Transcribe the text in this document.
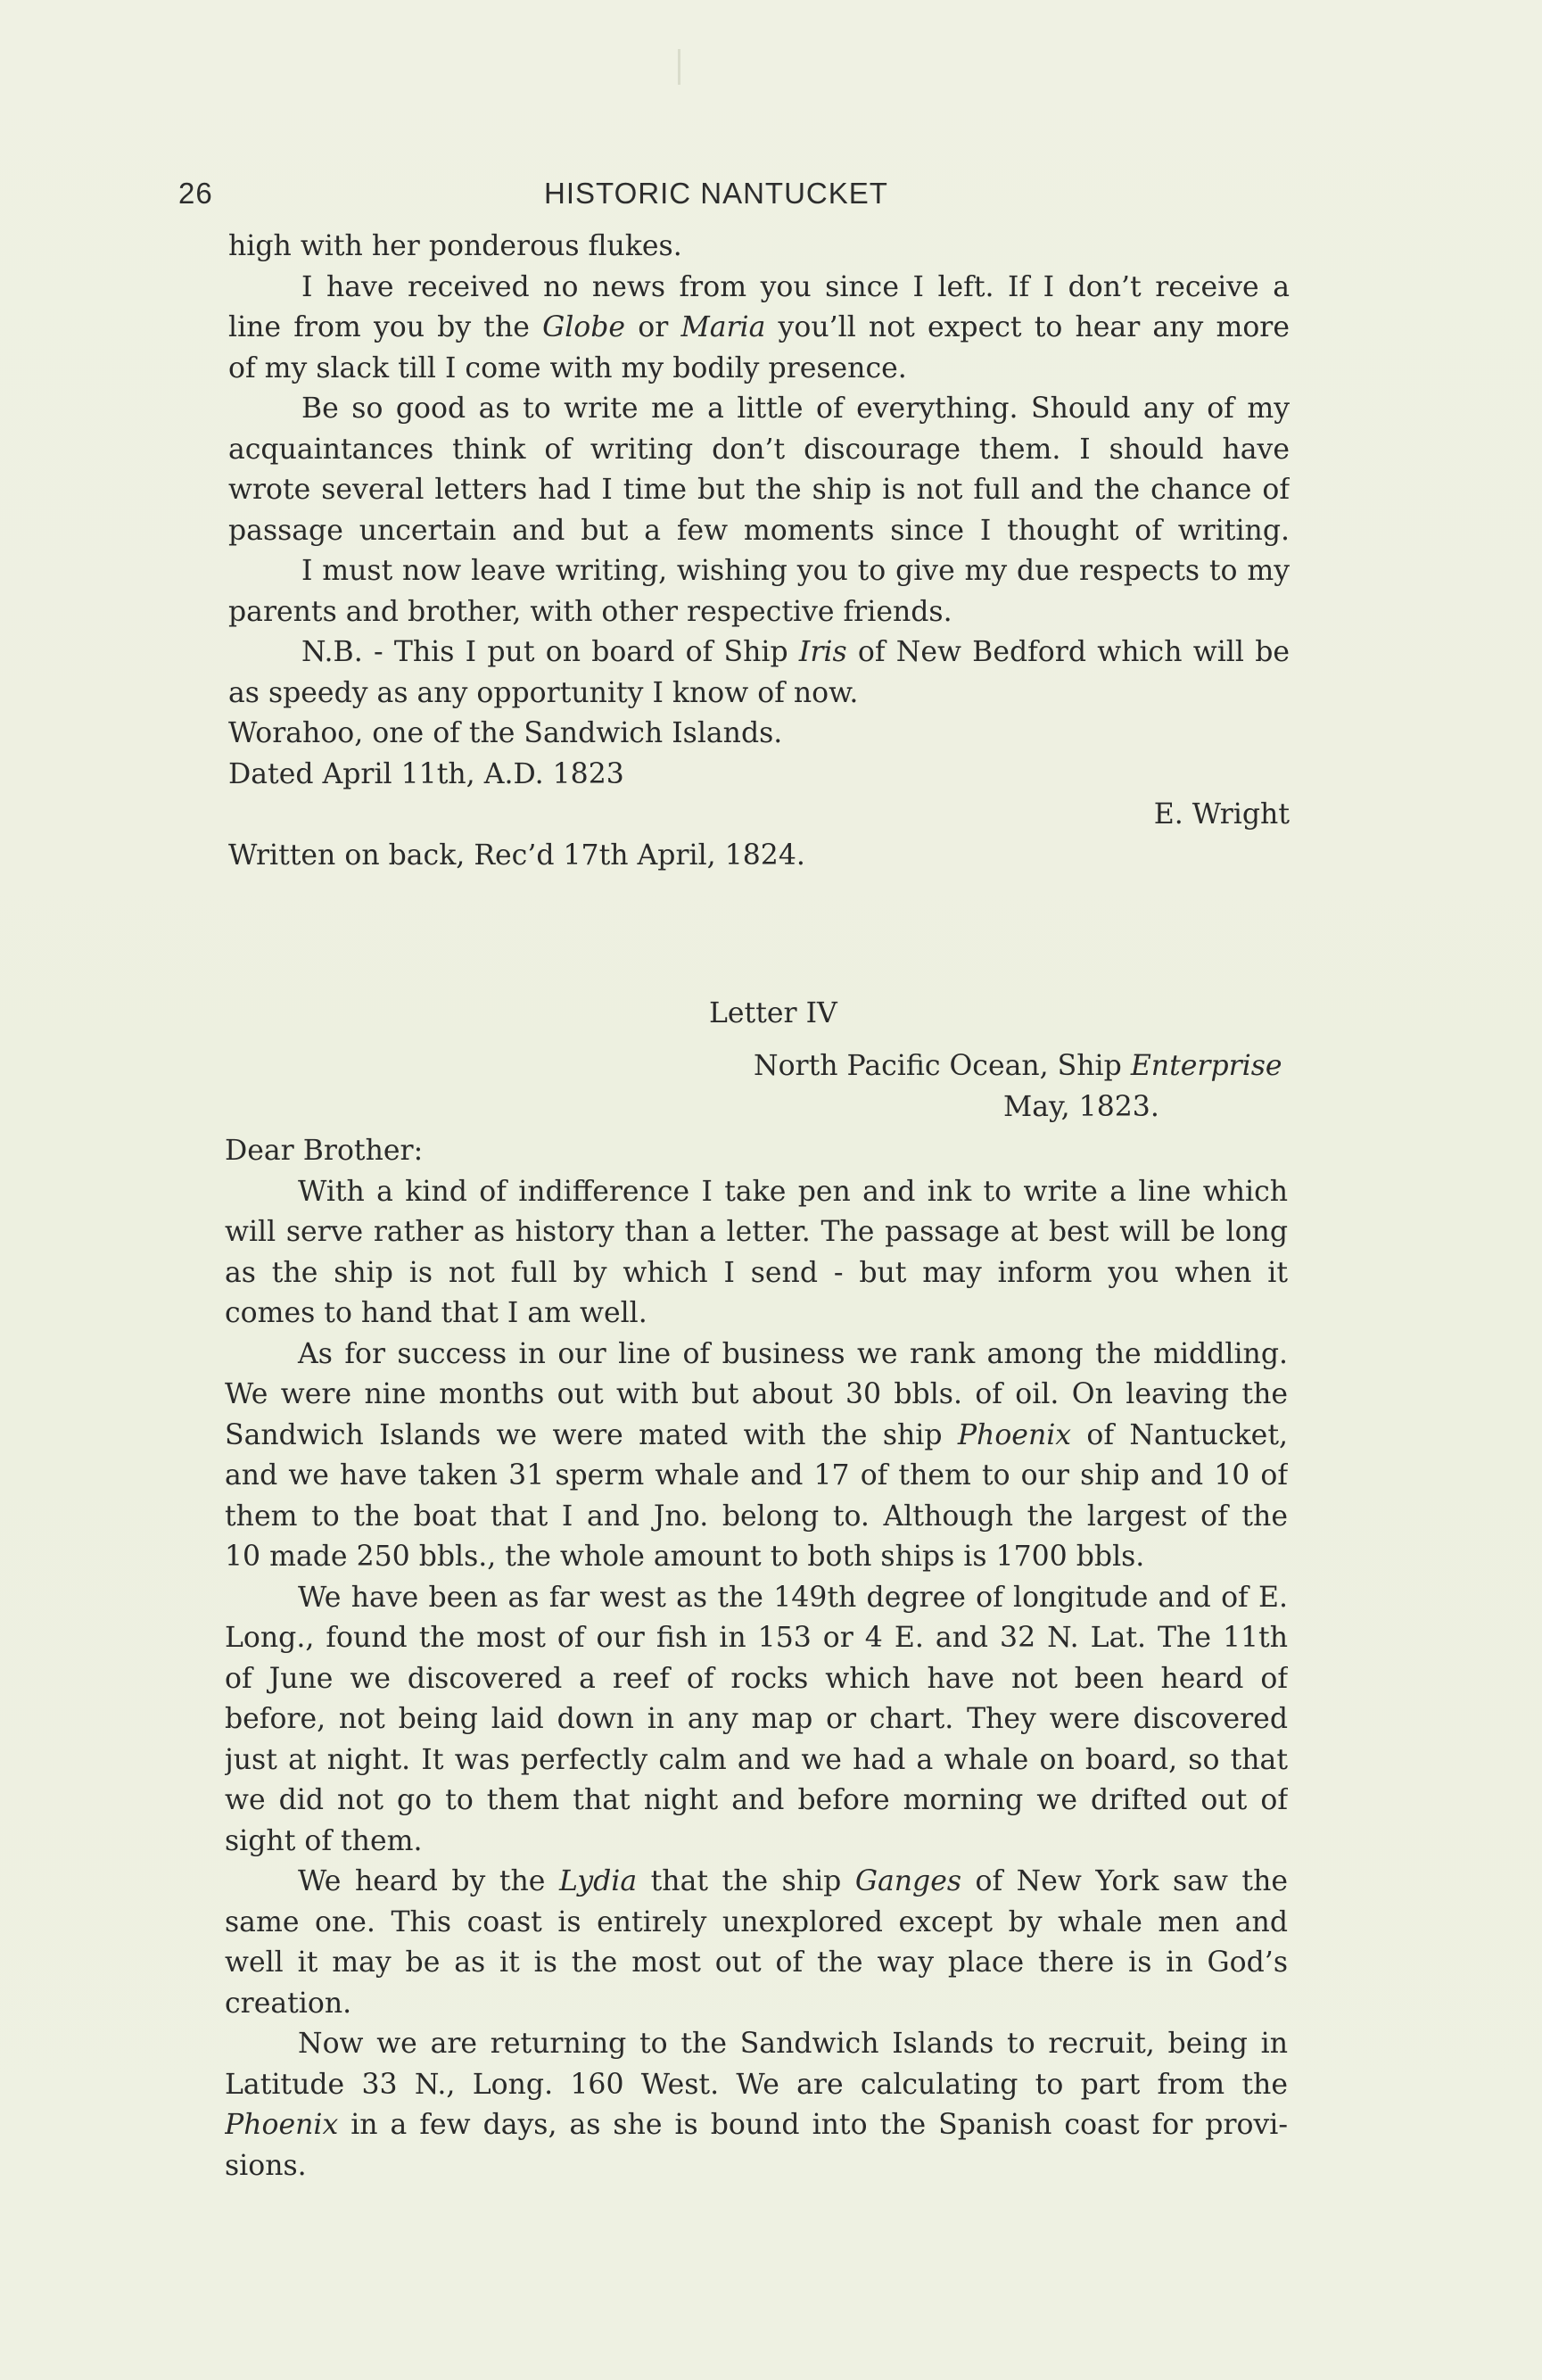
26	HISTORIC NANTUCKET
high with her ponderous flukes.
I have received no news from you since I left. If I don’t receive a
line from you by the Globe or Maria you’ll not expect to hear any more
of my slack till I come with my bodily presence.
Be so good as to write me a little of everything. Should any of my
acquaintances think of writing don’t discourage them. I should have
wrote several letters had I time but the ship is not full and the chance of
passage uncertain and but a few moments since I thought of writing.
I must now leave writing, wishing you to give my due respects to my
parents and brother, with other respective friends.
N.B. - This I put on board of Ship Iris of New Bedford which will be
as speedy as any opportunity I know of now.
Worahoo, one of the Sandwich Islands.
Dated April 11th, A.D. 1823
E. Wright
Written on back, Rec’d 17th April, 1824.
Letter IV
North Pacific Ocean, Ship Enterprise
May, 1823.
Dear Brother:
With a kind of indifference I take pen and ink to write a line which
will serve rather as history than a letter. The passage at best will be long
as the ship is not full by which I send - but may inform you when it
comes to hand that I am well.
As for success in our line of business we rank among the middling.
We were nine months out with but about 30 bbls. of oil. On leaving the
Sandwich Islands we were mated with the ship Phoenix of Nantucket,
and we have taken 31 sperm whale and 17 of them to our ship and 10 of
them to the boat that I and Jno. belong to. Although the largest of the
10 made 250 bbls., the whole amount to both ships is 1700 bbls.
We have been as far west as the 149th degree of longitude and of E.
Long., found the most of our fish in 153 or 4 E. and 32 N. Lat. The 11th
of June we discovered a reef of rocks which have not been heard of
before, not being laid down in any map or chart. They were discovered
just at night. It was perfectly calm and we had a whale on board, so that
we did not go to them that night and before morning we drifted out of
sight of them.
We heard by the Lydia that the ship Ganges of New York saw the
same one. This coast is entirely unexplored except by whale men and
well it may be as it is the most out of the way place there is in God’s
creation.
Now we are returning to the Sandwich Islands to recruit, being in
Latitude 33 N., Long. 160 West. We are calculating to part from the
Phoenix in a few days, as she is bound into the Spanish coast for provi-
sions.
